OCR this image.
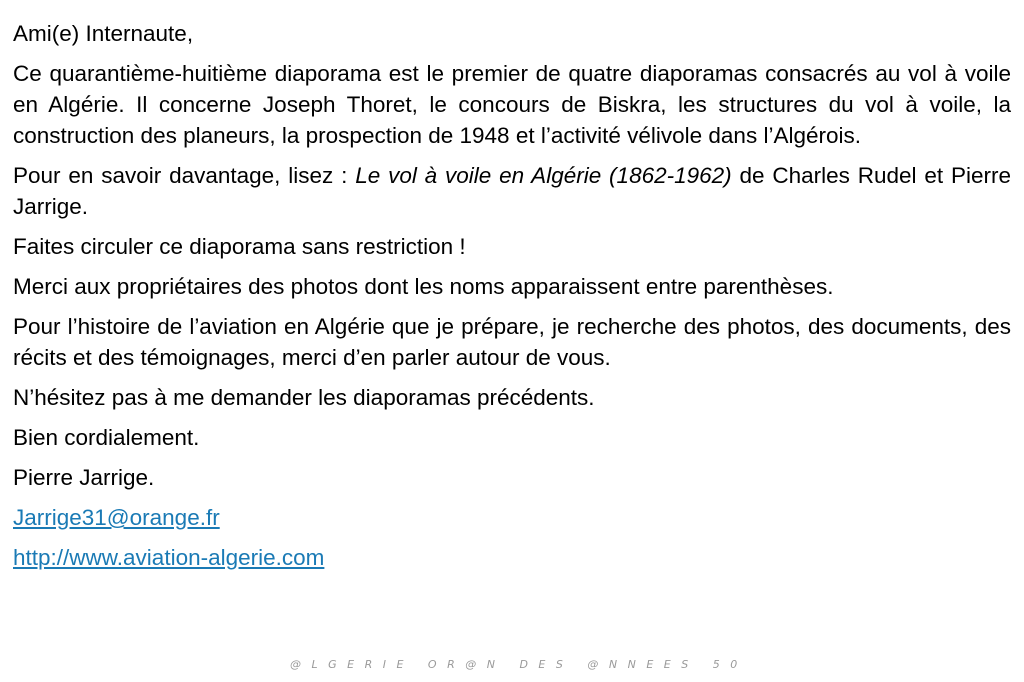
Ami(e) Internaute,

Ce quarantième-huitième diaporama est le premier de quatre diaporamas consacrés au vol à voile en Algérie. Il concerne Joseph Thoret, le concours de Biskra, les structures du vol à voile, la construction des planeurs, la prospection de 1948 et l’activité vélivole dans l’Algérois.

Pour en savoir davantage, lisez : Le vol à voile en Algérie (1862-1962) de Charles Rudel et Pierre Jarrige.

Faites circuler ce diaporama sans restriction !

Merci aux propriétaires des photos dont les noms apparaissent entre parenthèses.

Pour l’histoire de l’aviation en Algérie que je prépare, je recherche des photos, des documents, des récits et des témoignages, merci d’en parler autour de vous.

N’hésitez pas à me demander les diaporamas précédents.

Bien cordialement.

Pierre Jarrige.

Jarrige31@orange.fr

http://www.aviation-algerie.com

@LGERIE OR@N DES @NNEES 50
